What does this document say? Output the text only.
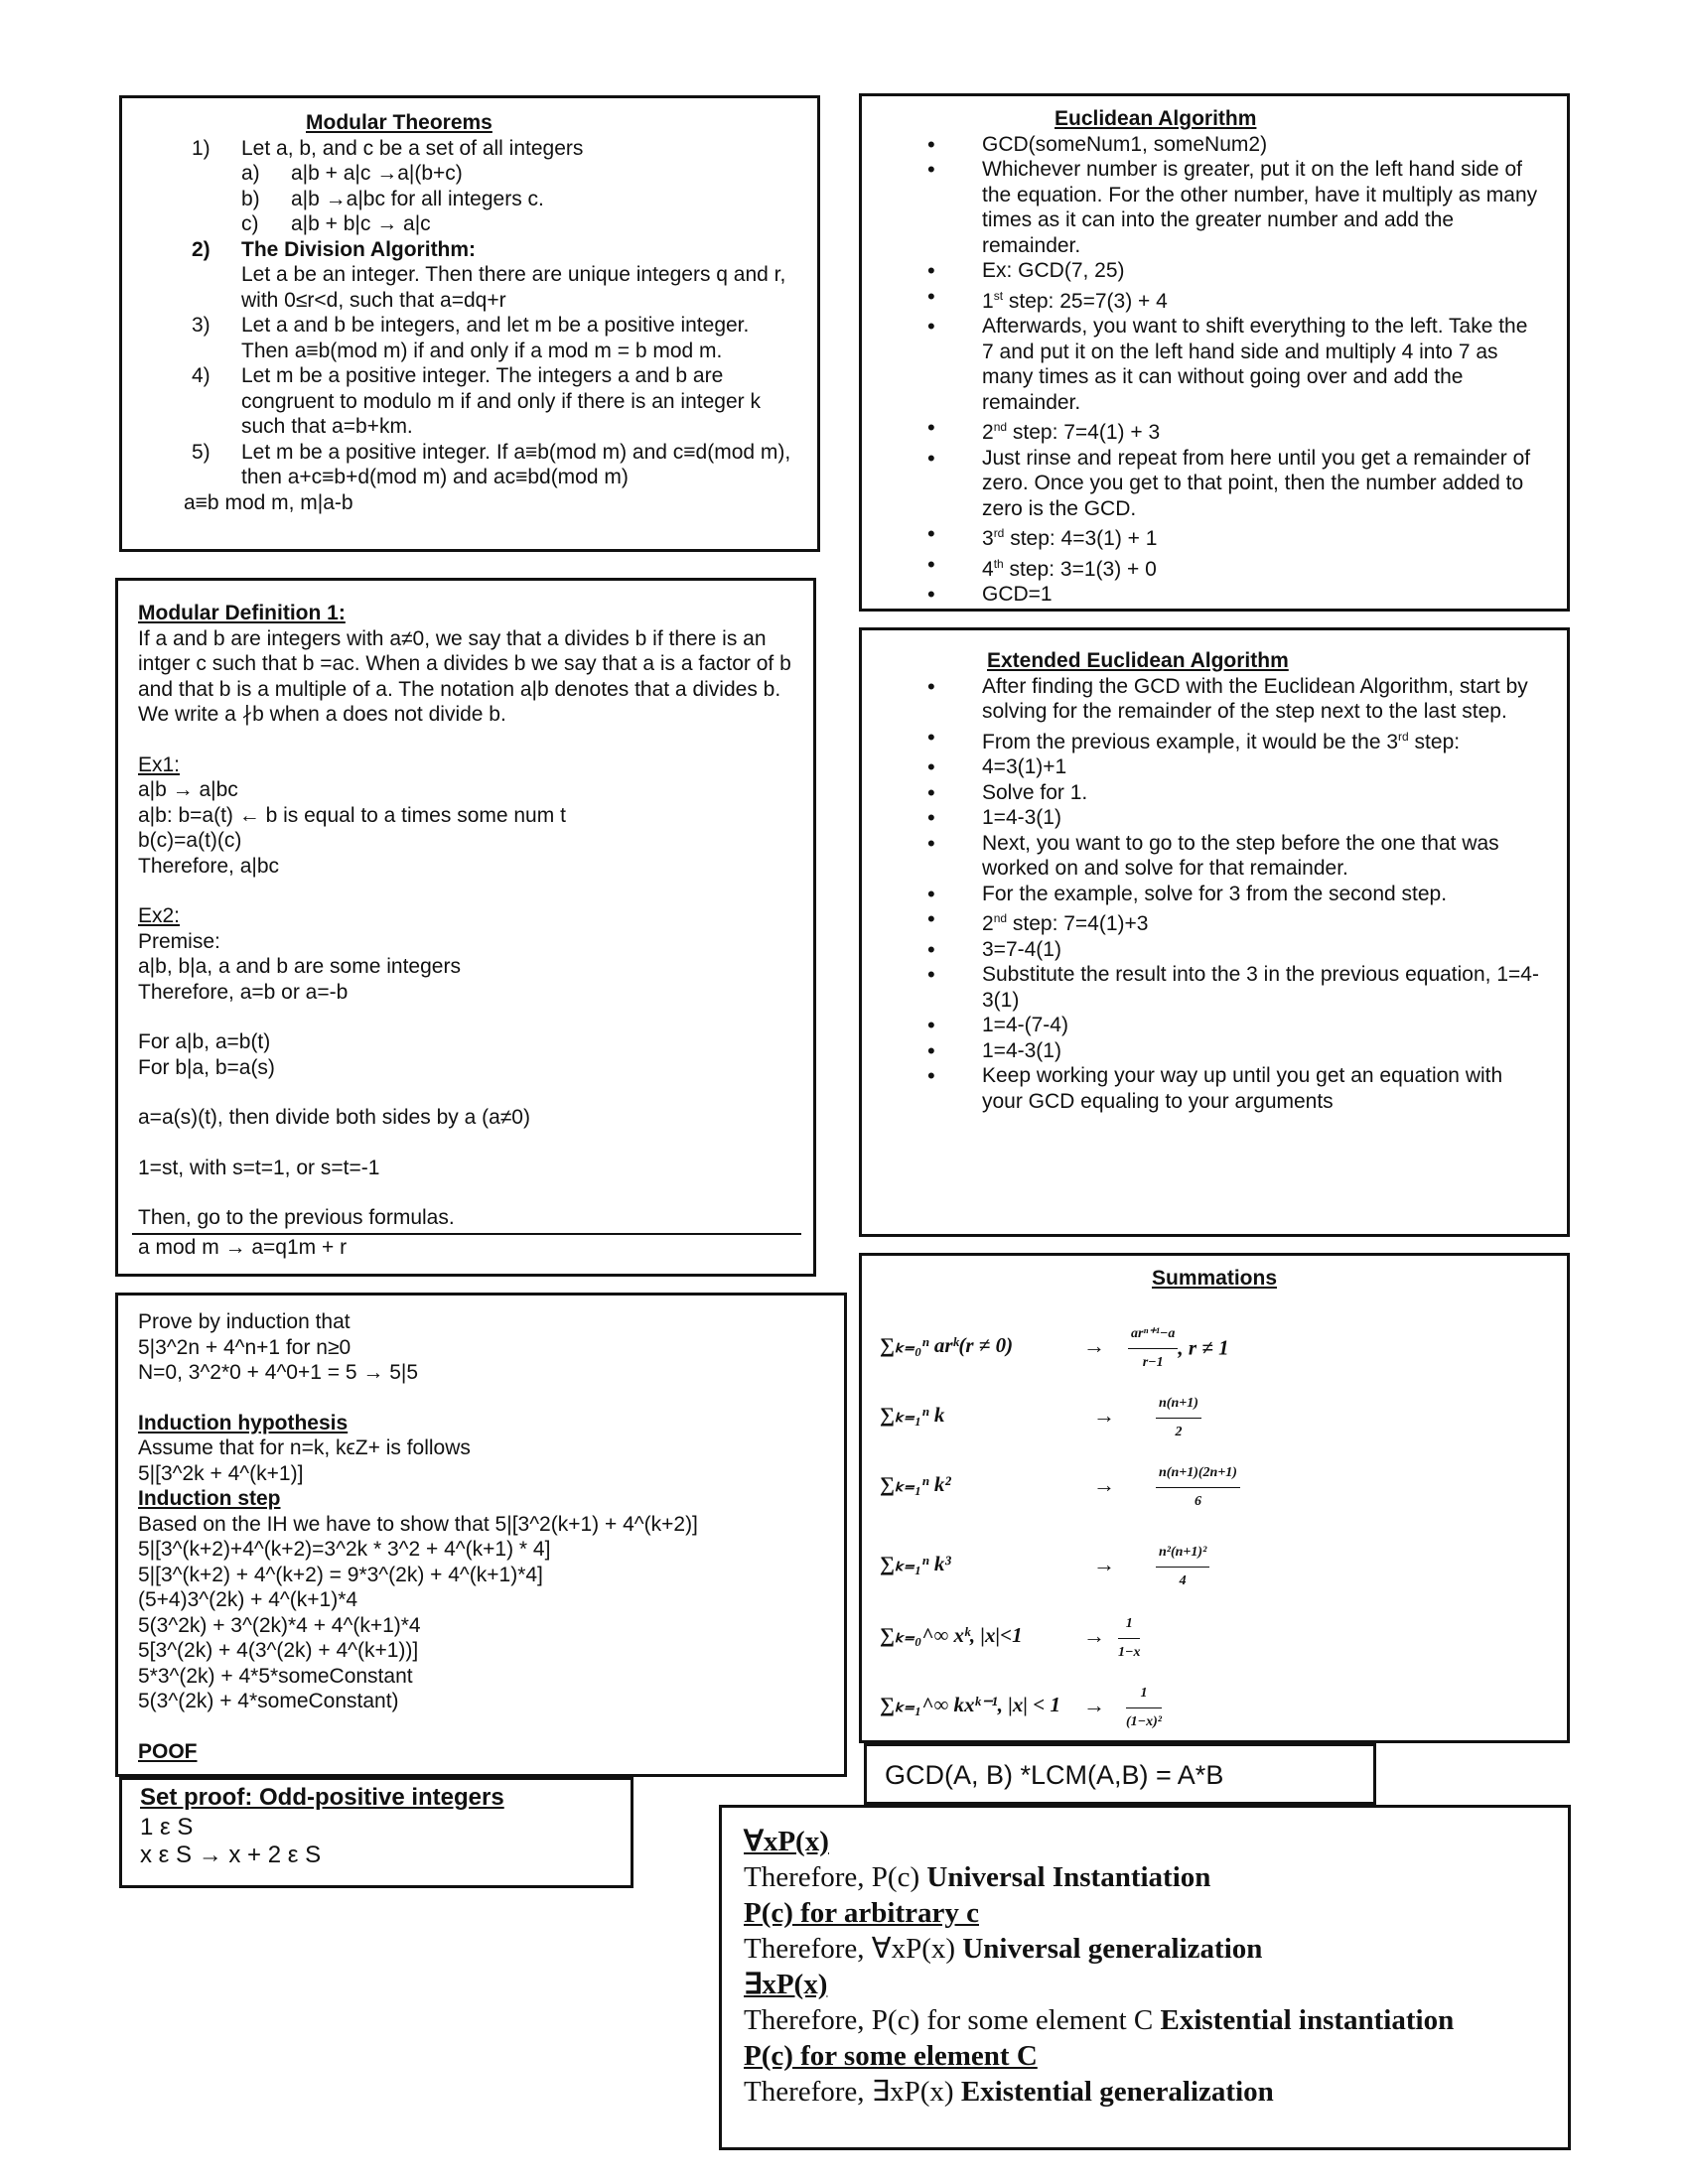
Modular Theorems
1) Let a, b, and c be a set of all integers
a) a|b + a|c →a|(b+c)
b) a|b →a|bc for all integers c.
c) a|b + b|c → a|c
2) The Division Algorithm:
Let a be an integer. Then there are unique integers q and r, with 0≤r<d, such that a=dq+r
3) Let a and b be integers, and let m be a positive integer. Then a≡b(mod m) if and only if a mod m = b mod m.
4) Let m be a positive integer. The integers a and b are congruent to modulo m if and only if there is an integer k such that a=b+km.
5) Let m be a positive integer. If a≡b(mod m) and c≡d(mod m), then a+c≡b+d(mod m) and ac≡bd(mod m)
a≡b mod m, m|a-b
Modular Definition 1:
If a and b are integers with a≠0, we say that a divides b if there is an intger c such that b =ac. When a divides b we say that a is a factor of b and that b is a multiple of a. The notation a|b denotes that a divides b. We write a ∤b when a does not divide b.
Ex1:
a|b → a|bc
a|b: b=a(t) ← b is equal to a times some num t
b(c)=a(t)(c)
Therefore, a|bc
Ex2:
Premise:
a|b, b|a, a and b are some integers
Therefore, a=b or a=-b
For a|b, a=b(t)
For b|a, b=a(s)
a=a(s)(t), then divide both sides by a (a≠0)
1=st, with s=t=1, or s=t=-1
Then, go to the previous formulas.
a mod m → a=q1m + r
Prove by induction that
5|3^2n + 4^n+1 for n≥0
N=0, 3^2*0 + 4^0+1 = 5 → 5|5
Induction hypothesis
Assume that for n=k, kϵZ+ is follows
5|[3^2k + 4^(k+1)]
Induction step
Based on the IH we have to show that 5|[3^2(k+1) + 4^(k+2)]
5|[3^(k+2)+4^(k+2)=3^2k * 3^2 + 4^(k+1) * 4]
5|[3^(k+2) + 4^(k+2) = 9*3^(2k) + 4^(k+1)*4]
(5+4)3^(2k) + 4^(k+1)*4
5(3^2k) + 3^(2k)*4 + 4^(k+1)*4
5[3^(2k) + 4(3^(2k) + 4^(k+1))]
5*3^(2k) + 4*5*someConstant
5(3^(2k) + 4*someConstant)
POOF
Set proof: Odd-positive integers
1 ε S
x ε S → x + 2 ε S
Euclidean Algorithm
• GCD(someNum1, someNum2)
• Whichever number is greater, put it on the left hand side of the equation. For the other number, have it multiply as many times as it can into the greater number and add the remainder.
• Ex: GCD(7, 25)
• 1st step: 25=7(3) + 4
• Afterwards, you want to shift everything to the left. Take the 7 and put it on the left hand side and multiply 4 into 7 as many times as it can without going over and add the remainder.
• 2nd step: 7=4(1) + 3
• Just rinse and repeat from here until you get a remainder of zero. Once you get to that point, then the number added to zero is the GCD.
• 3rd step: 4=3(1) + 1
• 4th step: 3=1(3) + 0
• GCD=1
Extended Euclidean Algorithm
• After finding the GCD with the Euclidean Algorithm, start by solving for the remainder of the step next to the last step.
• From the previous example, it would be the 3rd step:
• 4=3(1)+1
• Solve for 1.
• 1=4-3(1)
• Next, you want to go to the step before the one that was worked on and solve for that remainder.
• For the example, solve for 3 from the second step.
• 2nd step: 7=4(1)+3
• 3=7-4(1)
• Substitute the result into the 3 in the previous equation, 1=4-3(1)
• 1=4-(7-4)
• 1=4-3(1)
• Keep working your way up until you get an equation with your GCD equaling to your arguments
Summations
∑ₖ₌₀ⁿ arᵏ(r ≠ 0)	→ $\frac{\text{arⁿ⁺¹−a}}{r-1}$ , r ≠ 1
∑ₖ₌₁ⁿ k	→	$\frac{n(n+1)}{2}$
∑ₖ₌₁ⁿ k²	→	$\frac{n(n+1)(2n+1)}{6}$
∑ₖ₌₁ⁿ k³	→	$\frac{\text{n²(n+1)²}}{4}$
∑ₖ₌₀^∞ xᵏ, |x|<1	→ $\frac{1}{1-x}$
∑ₖ₌₁^∞ kxᵏ⁻¹, $|x| < 1 \to \frac{1}{\text{(1−x)²}}$
GCD(A, B) *LCM(A,B) = A*B
∀xP(x)
Therefore, P(c) Universal Instantiation
P(c) for arbitrary c
Therefore, ∀xP(x) Universal generalization
∃xP(x)
Therefore, P(c) for some element C Existential instantiation
P(c) for some element C
Therefore, ∃xP(x) Existential generalization
